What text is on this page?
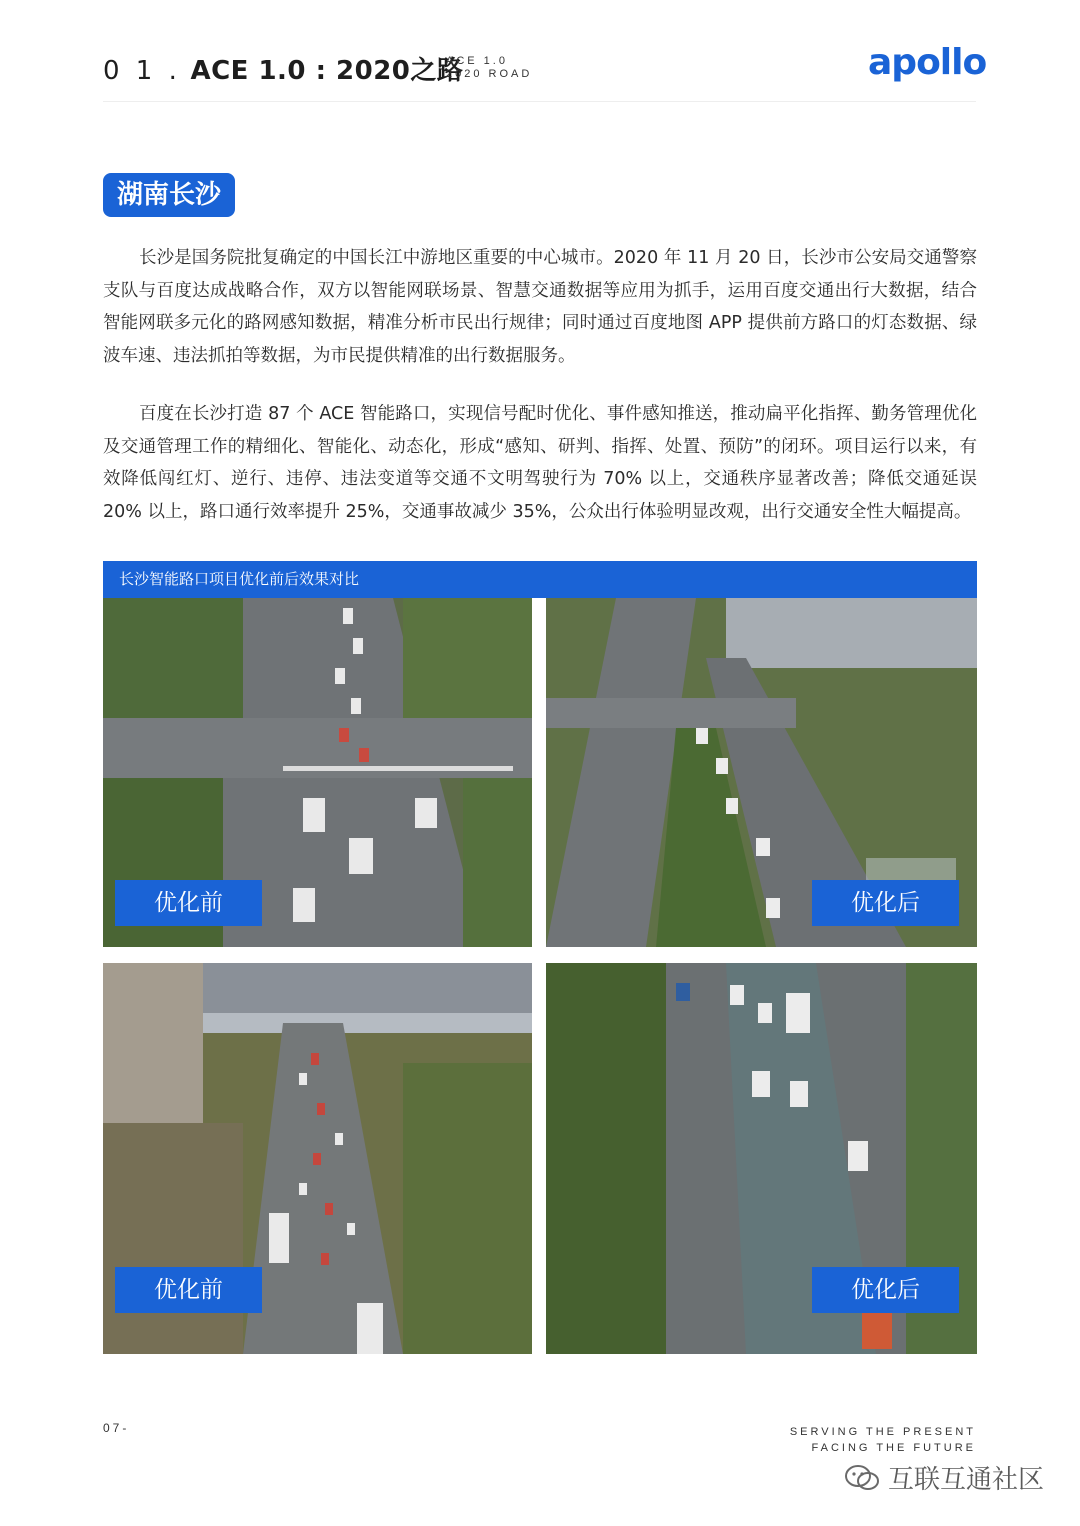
0 1 . ACE 1.0 : 2020之路
ACE 1.0
2020 ROAD	apollo
湖南长沙

长沙是国务院批复确定的中国长江中游地区重要的中心城市。2020 年 11 月 20 日，长沙市公安局交通警察支队与百度达成战略合作，双方以智能网联场景、智慧交通数据等应用为抓手，运用百度交通出行大数据，结合智能网联多元化的路网感知数据，精准分析市民出行规律；同时通过百度地图 APP 提供前方路口的灯态数据、绿波车速、违法抓拍等数据，为市民提供精准的出行数据服务。

百度在长沙打造 87 个 ACE 智能路口，实现信号配时优化、事件感知推送，推动扁平化指挥、勤务管理优化及交通管理工作的精细化、智能化、动态化，形成“感知、研判、指挥、处置、预防”的闭环。项目运行以来，有效降低闯红灯、逆行、违停、违法变道等交通不文明驾驶行为 70% 以上，交通秩序显著改善；降低交通延误 20% 以上，路口通行效率提升 25%，交通事故减少 35%，公众出行体验明显改观，出行交通安全性大幅提高。

长沙智能路口项目优化前后效果对比
优化前	优化后
优化前	优化后
07-	SERVING THE PRESENT
FACING THE FUTURE
互联互通社区
